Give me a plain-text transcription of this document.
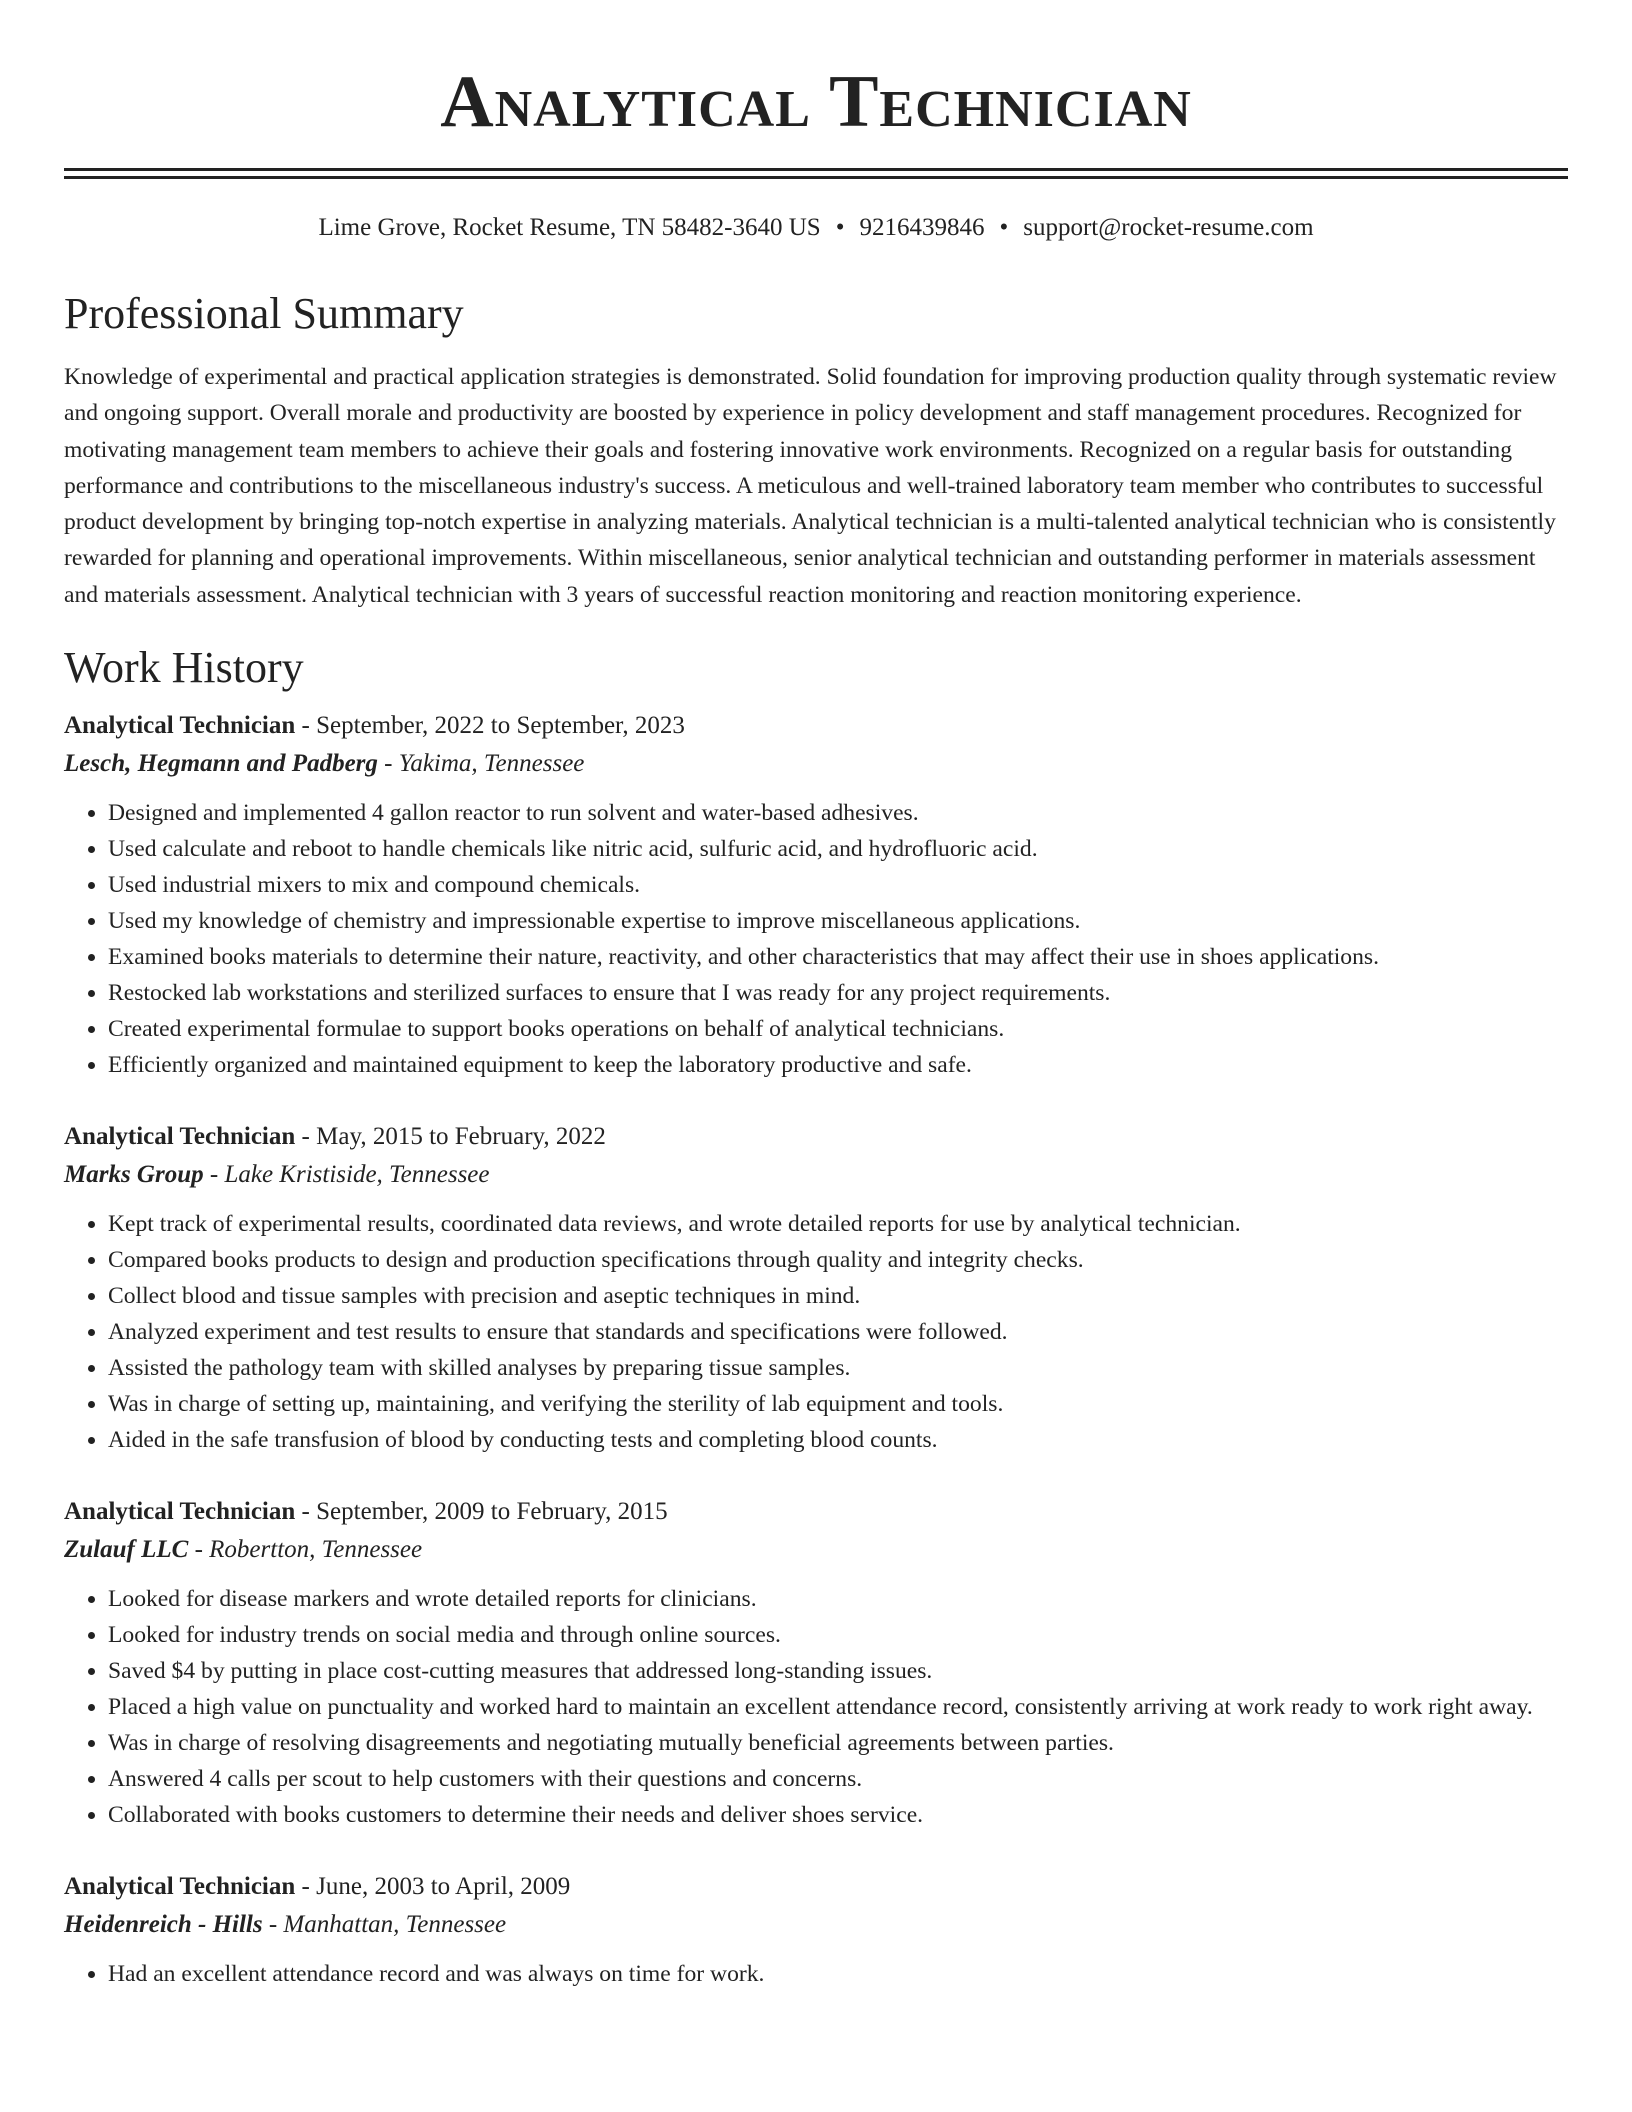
Analytical Technician
Lime Grove, Rocket Resume, TN 58482-3640 US • 9216439846 • support@rocket-resume.com
Professional Summary

Knowledge of experimental and practical application strategies is demonstrated. Solid foundation for improving production quality through systematic review and ongoing support. Overall morale and productivity are boosted by experience in policy development and staff management procedures. Recognized for motivating management team members to achieve their goals and fostering innovative work environments. Recognized on a regular basis for outstanding performance and contributions to the miscellaneous industry's success. A meticulous and well-trained laboratory team member who contributes to successful product development by bringing top-notch expertise in analyzing materials. Analytical technician is a multi-talented analytical technician who is consistently rewarded for planning and operational improvements. Within miscellaneous, senior analytical technician and outstanding performer in materials assessment and materials assessment. Analytical technician with 3 years of successful reaction monitoring and reaction monitoring experience.

Work History
Analytical Technician - September, 2022 to September, 2023
Lesch, Hegmann and Padberg - Yakima, Tennessee
• Designed and implemented 4 gallon reactor to run solvent and water-based adhesives.
• Used calculate and reboot to handle chemicals like nitric acid, sulfuric acid, and hydrofluoric acid.
• Used industrial mixers to mix and compound chemicals.
• Used my knowledge of chemistry and impressionable expertise to improve miscellaneous applications.
• Examined books materials to determine their nature, reactivity, and other characteristics that may affect their use in shoes applications.
• Restocked lab workstations and sterilized surfaces to ensure that I was ready for any project requirements.
• Created experimental formulae to support books operations on behalf of analytical technicians.
• Efficiently organized and maintained equipment to keep the laboratory productive and safe.
Analytical Technician - May, 2015 to February, 2022
Marks Group - Lake Kristiside, Tennessee
• Kept track of experimental results, coordinated data reviews, and wrote detailed reports for use by analytical technician.
• Compared books products to design and production specifications through quality and integrity checks.
• Collect blood and tissue samples with precision and aseptic techniques in mind.
• Analyzed experiment and test results to ensure that standards and specifications were followed.
• Assisted the pathology team with skilled analyses by preparing tissue samples.
• Was in charge of setting up, maintaining, and verifying the sterility of lab equipment and tools.
• Aided in the safe transfusion of blood by conducting tests and completing blood counts.
Analytical Technician - September, 2009 to February, 2015
Zulauf LLC - Robertton, Tennessee
• Looked for disease markers and wrote detailed reports for clinicians.
• Looked for industry trends on social media and through online sources.
• Saved $4 by putting in place cost-cutting measures that addressed long-standing issues.
• Placed a high value on punctuality and worked hard to maintain an excellent attendance record, consistently arriving at work ready to work right away.
• Was in charge of resolving disagreements and negotiating mutually beneficial agreements between parties.
• Answered 4 calls per scout to help customers with their questions and concerns.
• Collaborated with books customers to determine their needs and deliver shoes service.
Analytical Technician - June, 2003 to April, 2009
Heidenreich - Hills - Manhattan, Tennessee
• Had an excellent attendance record and was always on time for work.
